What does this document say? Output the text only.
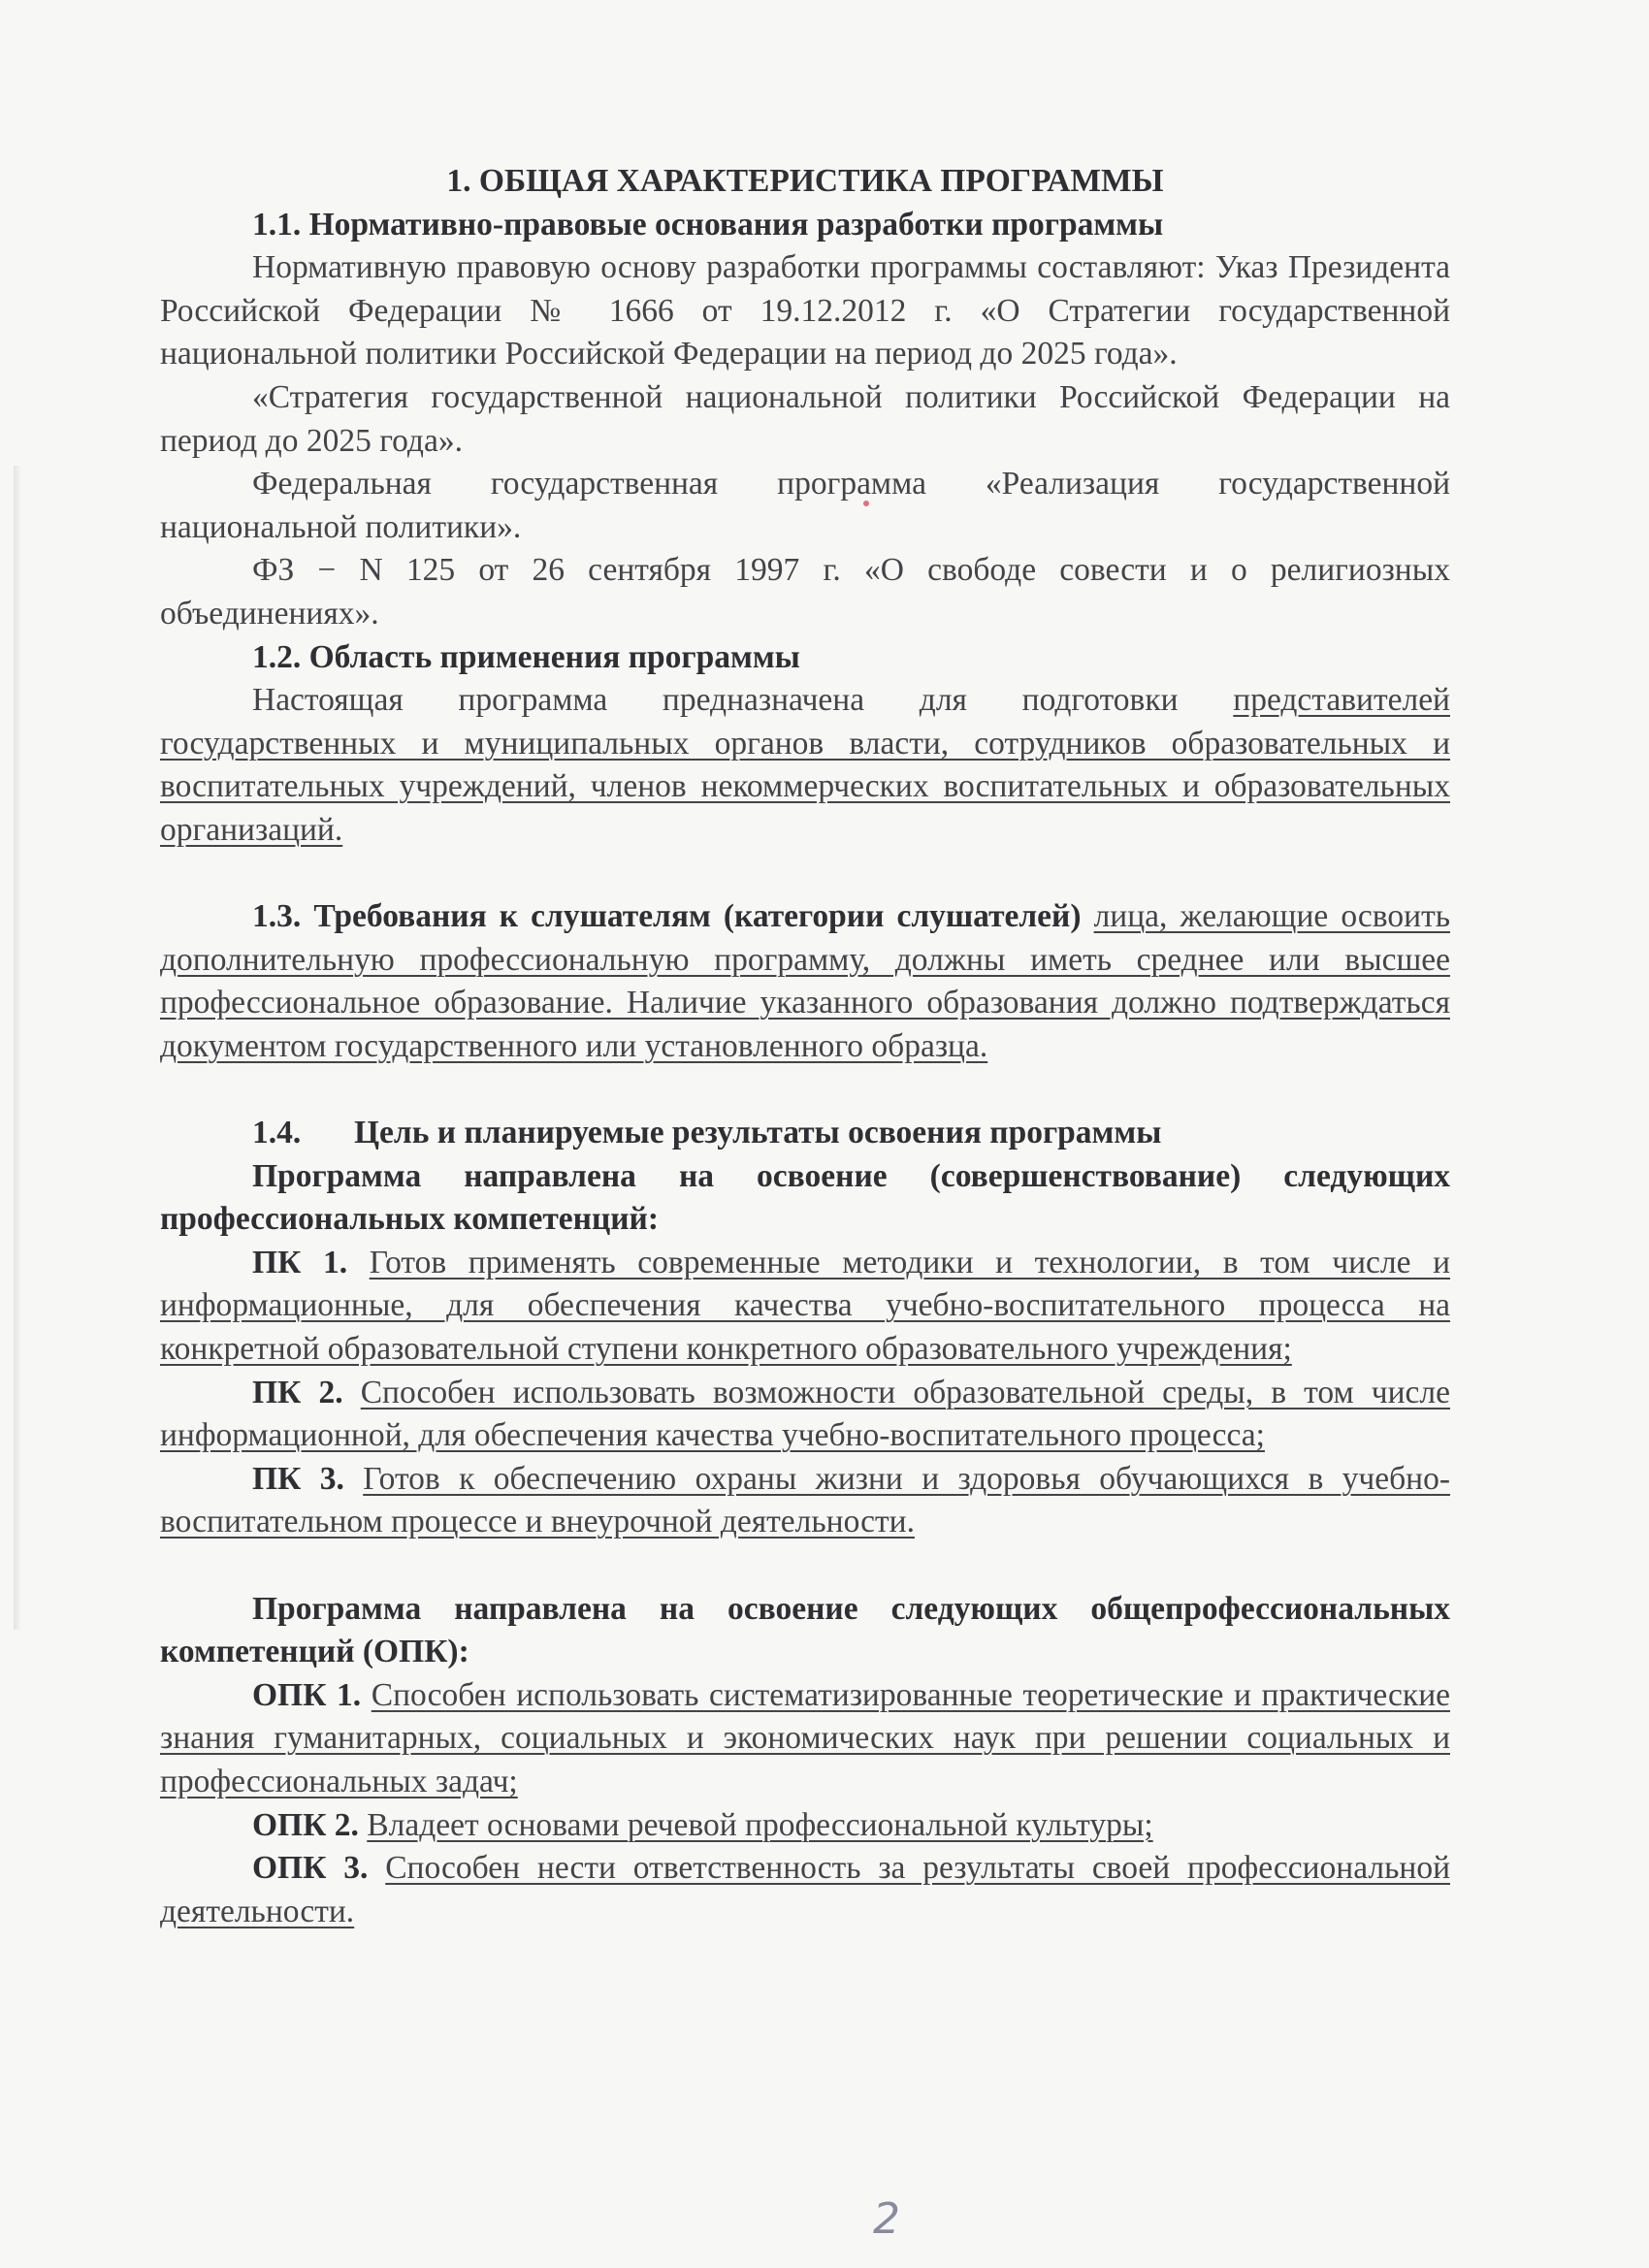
1. ОБЩАЯ ХАРАКТЕРИСТИКА ПРОГРАММЫ

1.1. Нормативно-правовые основания разработки программы

Нормативную правовую основу разработки программы составляют: Указ Президента Российской Федерации № 1666 от 19.12.2012 г. «О Стратегии государственной национальной политики Российской Федерации на период до 2025 года».

«Стратегия государственной национальной политики Российской Федерации на период до 2025 года».

Федеральная государственная программа «Реализация государственной национальной политики».

ФЗ − N 125 от 26 сентября 1997 г. «О свободе совести и о религиозных объединениях».

1.2. Область применения программы

Настоящая программа предназначена для подготовки представителей государственных и муниципальных органов власти, сотрудников образовательных и воспитательных учреждений, членов некоммерческих воспитательных и образовательных организаций.

1.3. Требования к слушателям (категории слушателей) лица, желающие освоить дополнительную профессиональную программу, должны иметь среднее или высшее профессиональное образование. Наличие указанного образования должно подтверждаться документом государственного или установленного образца.

1.4. Цель и планируемые результаты освоения программы

Программа направлена на освоение (совершенствование) следующих профессиональных компетенций:

ПК 1. Готов применять современные методики и технологии, в том числе и информационные, для обеспечения качества учебно-воспитательного процесса на конкретной образовательной ступени конкретного образовательного учреждения;

ПК 2. Способен использовать возможности образовательной среды, в том числе информационной, для обеспечения качества учебно-воспитательного процесса;

ПК 3. Готов к обеспечению охраны жизни и здоровья обучающихся в учебно-воспитательном процессе и внеурочной деятельности.

Программа направлена на освоение следующих общепрофессиональных компетенций (ОПК):

ОПК 1. Способен использовать систематизированные теоретические и практические знания гуманитарных, социальных и экономических наук при решении социальных и профессиональных задач;

ОПК 2. Владеет основами речевой профессиональной культуры;

ОПК 3. Способен нести ответственность за результаты своей профессиональной деятельности.

2
